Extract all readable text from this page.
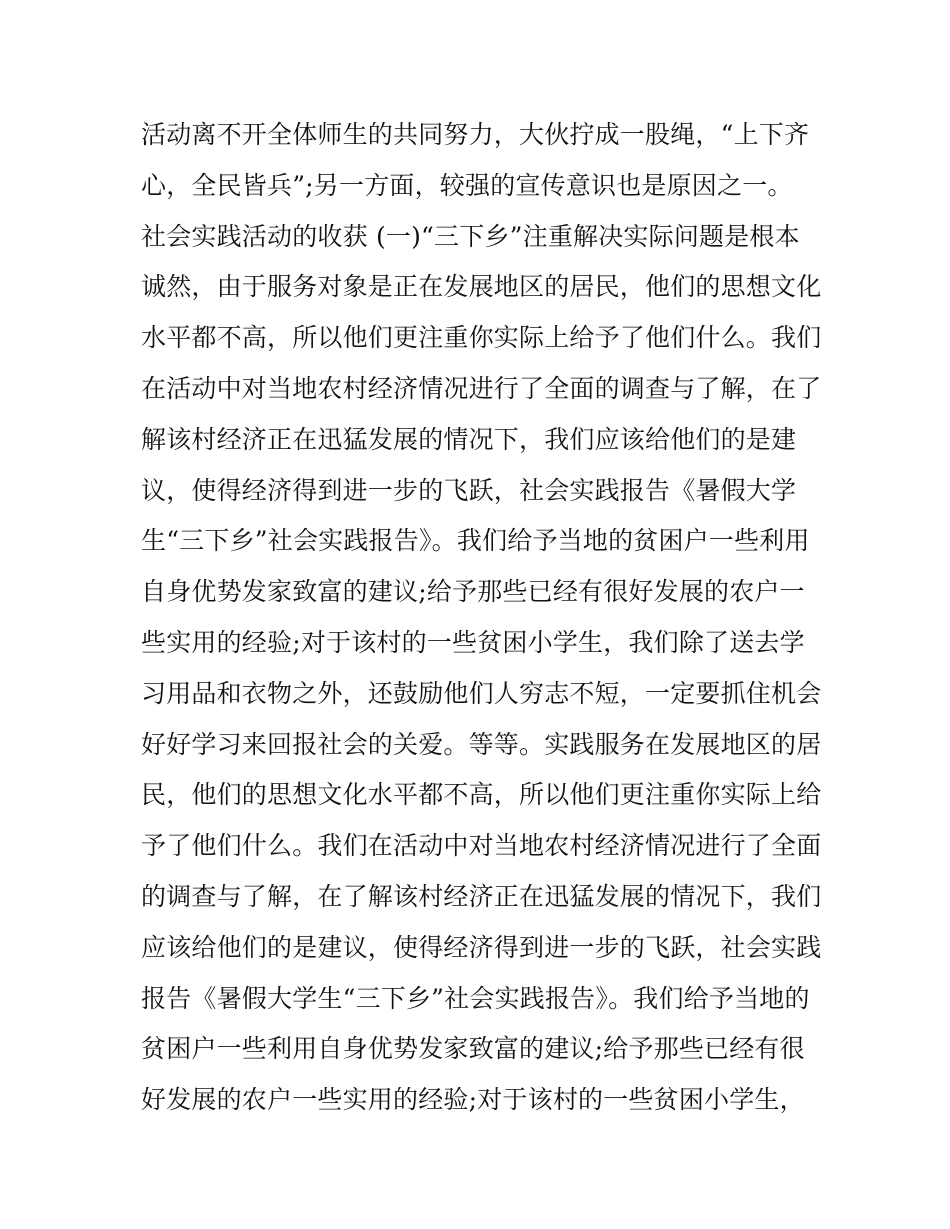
活动离不开全体师生的共同努力，大伙拧成一股绳，“上下齐
心，全民皆兵”;另一方面，较强的宣传意识也是原因之一。
社会实践活动的收获 (一)“三下乡”注重解决实际问题是根本
诚然，由于服务对象是正在发展地区的居民，他们的思想文化
水平都不高，所以他们更注重你实际上给予了他们什么。我们
在活动中对当地农村经济情况进行了全面的调查与了解，在了
解该村经济正在迅猛发展的情况下，我们应该给他们的是建
议，使得经济得到进一步的飞跃，社会实践报告《暑假大学
生“三下乡”社会实践报告》。我们给予当地的贫困户一些利用
自身优势发家致富的建议;给予那些已经有很好发展的农户一
些实用的经验;对于该村的一些贫困小学生，我们除了送去学
习用品和衣物之外，还鼓励他们人穷志不短，一定要抓住机会
好好学习来回报社会的关爱。等等。实践服务在发展地区的居
民，他们的思想文化水平都不高，所以他们更注重你实际上给
予了他们什么。我们在活动中对当地农村经济情况进行了全面
的调查与了解，在了解该村经济正在迅猛发展的情况下，我们
应该给他们的是建议，使得经济得到进一步的飞跃，社会实践
报告《暑假大学生“三下乡”社会实践报告》。我们给予当地的
贫困户一些利用自身优势发家致富的建议;给予那些已经有很
好发展的农户一些实用的经验;对于该村的一些贫困小学生，
